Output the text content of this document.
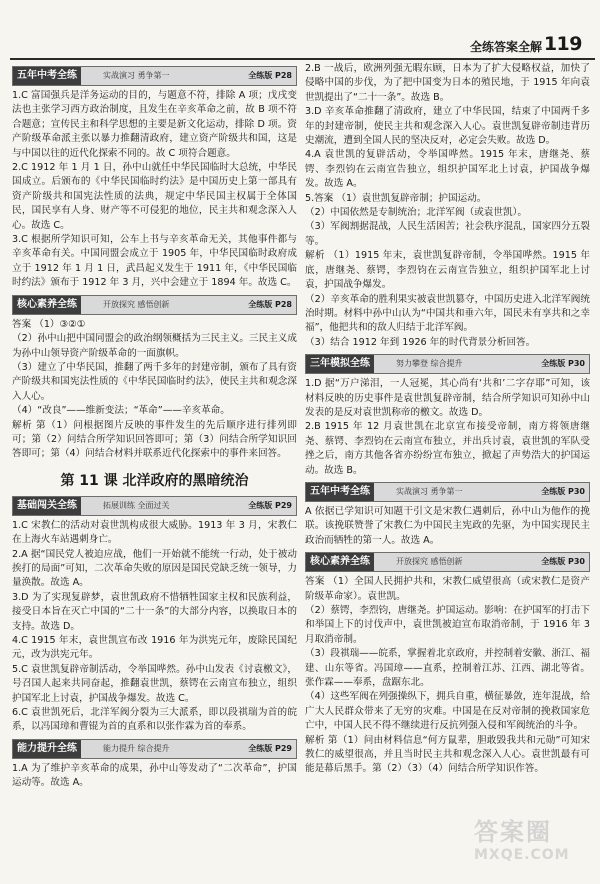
全练答案全解 119
五年中考全练	实战演习 勇争第一	全练版 P28

1.C 富国强兵是洋务运动的目的，与题意不符，排除 A 项；戊戌变法也主张学习西方政治制度，且发生在辛亥革命之前，故 B 项不符合题意；宣传民主和科学思想的主要是新文化运动，排除 D 项。资产阶级革命派主张以暴力推翻清政府，建立资产阶级共和国，这是与中国以往的近代化探索不同的。故 C 项符合题意。

2.C 1912 年 1 月 1 日，孙中山就任中华民国临时大总统，中华民国成立。后颁布的《中华民国临时约法》是中国历史上第一部具有资产阶级共和国宪法性质的法典，规定中华民国主权属于全体国民，国民享有人身、财产等不可侵犯的地位，民主共和观念深入人心。故选 C。

3.C 根据所学知识可知，公车上书与辛亥革命无关，其他事件都与辛亥革命有关。中国同盟会成立于 1905 年，中华民国临时政府成立于 1912 年 1 月 1 日，武昌起义发生于 1911 年，《中华民国临时约法》颁布于 1912 年 3 月，兴中会建立于 1894 年。故选 C。

核心素养全练	开放探究 感悟创新	全练版 P28

答案 （1）③②①

（2）孙中山把中国同盟会的政治纲领概括为三民主义。三民主义成为孙中山领导资产阶级革命的一面旗帜。

（3）建立了中华民国，推翻了两千多年的封建帝制，颁布了具有资产阶级共和国宪法性质的《中华民国临时约法》，使民主共和观念深入人心。

（4）“改良”——维新变法；“革命”——辛亥革命。

解析 第（1）问根据图片反映的事件发生的先后顺序进行排列即可；第（2）问结合所学知识回答即可；第（3）问结合所学知识回答即可；第（4）问结合材料并联系近代化探索中的事件来回答。

第 11 课 北洋政府的黑暗统治
基础闯关全练	拓展训练 全面过关	全练版 P29

1.C 宋教仁的活动对袁世凯构成很大威胁。1913 年 3 月，宋教仁在上海火车站遇刺身亡。

2.A 据“国民党人被迫应战，他们一开始就不能统一行动，处于被动挨打的局面”可知，二次革命失败的原因是国民党缺乏统一领导，力量涣散。故选 A。

3.D 为了实现复辟梦，袁世凯政府不惜牺牲国家主权和民族利益，接受日本旨在灭亡中国的“二十一条”的大部分内容，以换取日本的支持。故选 D。

4.C 1915 年末，袁世凯宣布改 1916 年为洪宪元年，废除民国纪元，改为洪宪元年。

5.C 袁世凯复辟帝制活动，令举国哗然。孙中山发表《讨袁檄文》，号召国人起来共同奋起，推翻袁世凯，蔡锷在云南宣布独立，组织护国军北上讨袁，护国战争爆发。故选 C。

6.C 袁世凯死后，北洋军阀分裂为三大派系，即以段祺瑞为首的皖系，以冯国璋和曹锟为首的直系和以张作霖为首的奉系。

能力提升全练	能力提升 综合提升	全练版 P29

1.A 为了维护辛亥革命的成果，孙中山等发动了“二次革命”，护国运动等。故选 A。

2.B 一战后，欧洲列强无暇东顾，日本为了扩大侵略权益，加快了侵略中国的步伐，为了把中国变为日本的殖民地，于 1915 年向袁世凯提出了“二十一条”。故选 B。

3.D 辛亥革命推翻了清政府，建立了中华民国，结束了中国两千多年的封建帝制，使民主共和观念深入人心。袁世凯复辟帝制违背历史潮流，遭到全国人民的坚决反对，必定会失败。故选 D。

4.A 袁世凯的复辟活动，令举国哗然。1915 年末，唐继尧、蔡锷、李烈钧在云南宣告独立，组织护国军北上讨袁，护国战争爆发。故选 A。

5.答案 （1）袁世凯复辟帝制；护国运动。

（2）中国依然是专制统治；北洋军阀（或袁世凯）。

（3）军阀割据混战，人民生活困苦；社会秩序混乱，国家四分五裂等。

解析 （1）1915 年末，袁世凯复辟帝制，令举国哗然。1915 年底，唐继尧、蔡锷，李烈钧在云南宣告独立，组织护国军北上讨袁，护国战争爆发。

（2）辛亥革命的胜利果实被袁世凯篡夺，中国历史进入北洋军阀统治时期。材料中孙中山认为“中国共和垂六年，国民未有享共和之幸福”，他把共和的敌人归结于北洋军阀。

（3）结合 1912 年到 1926 年的时代背景分析回答。

三年模拟全练	努力攀登 综合提升	全练版 P30

1.D 据“万户涕泪，一人冠冕，其心尚有‘共和’二字存耶”可知，该材料反映的历史事件是袁世凯复辟帝制，结合所学知识可知孙中山发表的是反对袁世凯称帝的檄文。故选 D。

2.B 1915 年 12 月袁世凯在北京宣布接受帝制，南方将领唐继尧、蔡锷、李烈钧在云南宣布独立，并出兵讨袁，袁世凯的军队受挫之后，南方其他各省亦纷纷宣布独立，掀起了声势浩大的护国运动。故选 B。

五年中考全练	实战演习 勇争第一	全练版 P30

A 依据已学知识可知题干引文是宋教仁遇刺后，孙中山为他作的挽联。该挽联赞誉了宋教仁为中国民主宪政的先驱，为中国实现民主政治而牺牲的第一人。故选 A。

核心素养全练	开放探究 感悟创新	全练版 P30

答案 （1）全国人民拥护共和，宋教仁威望很高（或宋教仁是资产阶级革命家）。袁世凯。

（2）蔡锷，李烈钧，唐继尧。护国运动。影响：在护国军的打击下和举国上下的讨伐声中，袁世凯被迫宣布取消帝制，于 1916 年 3 月取消帝制。

（3）段祺瑞——皖系，掌握着北京政府，并控制着安徽、浙江、福建、山东等省。冯国璋——直系，控制着江苏、江西、湖北等省。张作霖——奉系，盘踞东北。

（4）这些军阀在列强操纵下，拥兵自重，横征暴敛，连年混战，给广大人民群众带来了无穷的灾难。中国是在反对帝制的挽救国家危亡中，中国人民不得不继续进行反抗列强入侵和军阀统治的斗争。

解析 第（1）问由材料信息“何方鼠辈，胆敢毁我共和元勋”可知宋教仁的威望很高，并且当时民主共和观念深入人心。袁世凯最有可能是幕后黑手。第（2）（3）（4）问结合所学知识作答。

答案圈
MXQE.COM
